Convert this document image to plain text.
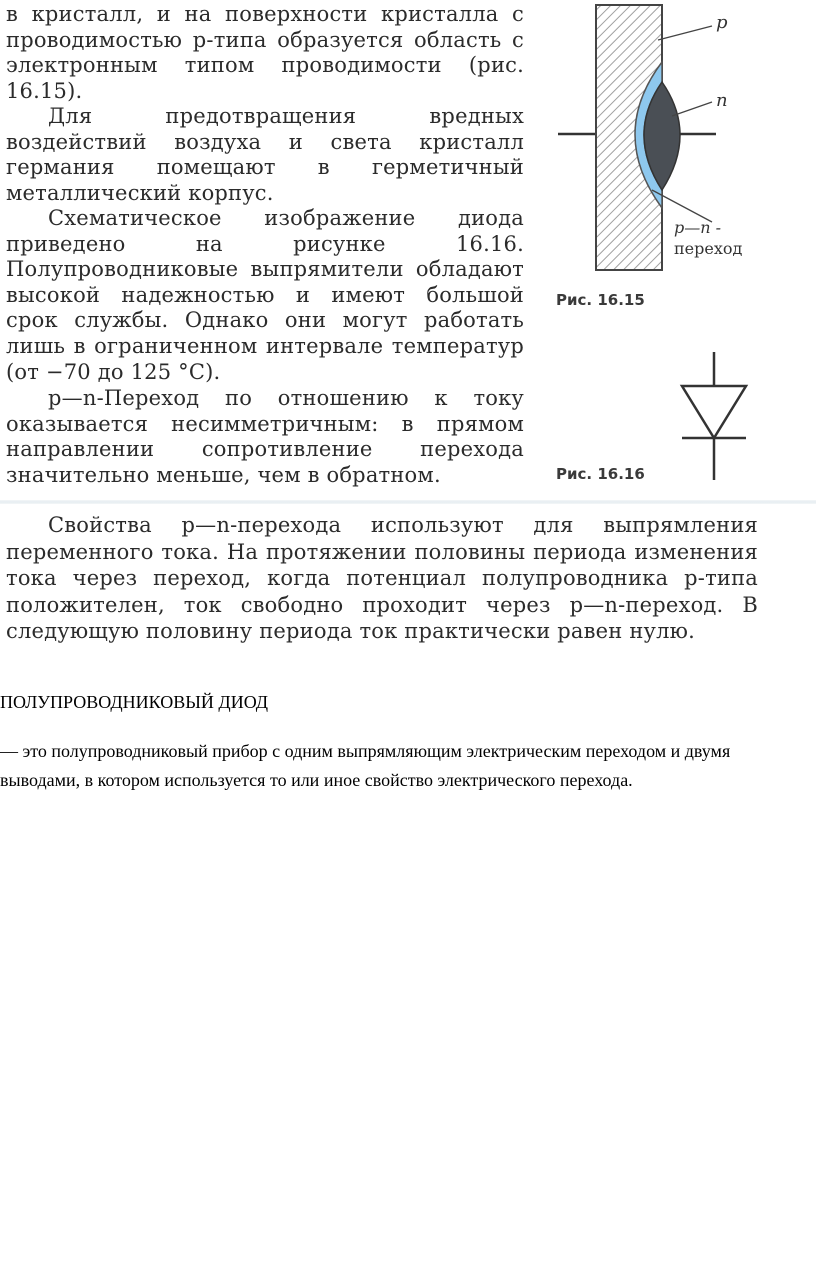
в кристалл, и на поверхности кристалла с проводимостью p-типа образуется область с электронным типом проводимости (рис. 16.15).

Для предотвращения вредных воздействий воздуха и света кристалл германия помещают в герметичный металлический корпус.

Схематическое изображение диода приведено на рисунке 16.16. Полупроводниковые выпрямители обладают высокой надежностью и имеют большой срок службы. Однако они могут работать лишь в ограниченном интервале температур (от −70 до 125 °С).

p—n-Переход по отношению к току оказывается несимметричным: в прямом направлении сопротивление перехода значительно меньше, чем в обратном.

p
n
p—n -
переход
Рис. 16.15
Рис. 16.16

Свойства p—n-перехода используют для выпрямления переменного тока. На протяжении половины периода изменения тока через переход, когда потенциал полупроводника p-типа положителен, ток свободно проходит через p—n-переход. В следующую половину периода ток практически равен нулю.

ПОЛУПРОВОДНИКОВЫЙ ДИОД

— это полупроводниковый прибор с одним выпрямляющим электрическим переходом и двумя выводами, в котором используется то или иное свойство электрического перехода.
